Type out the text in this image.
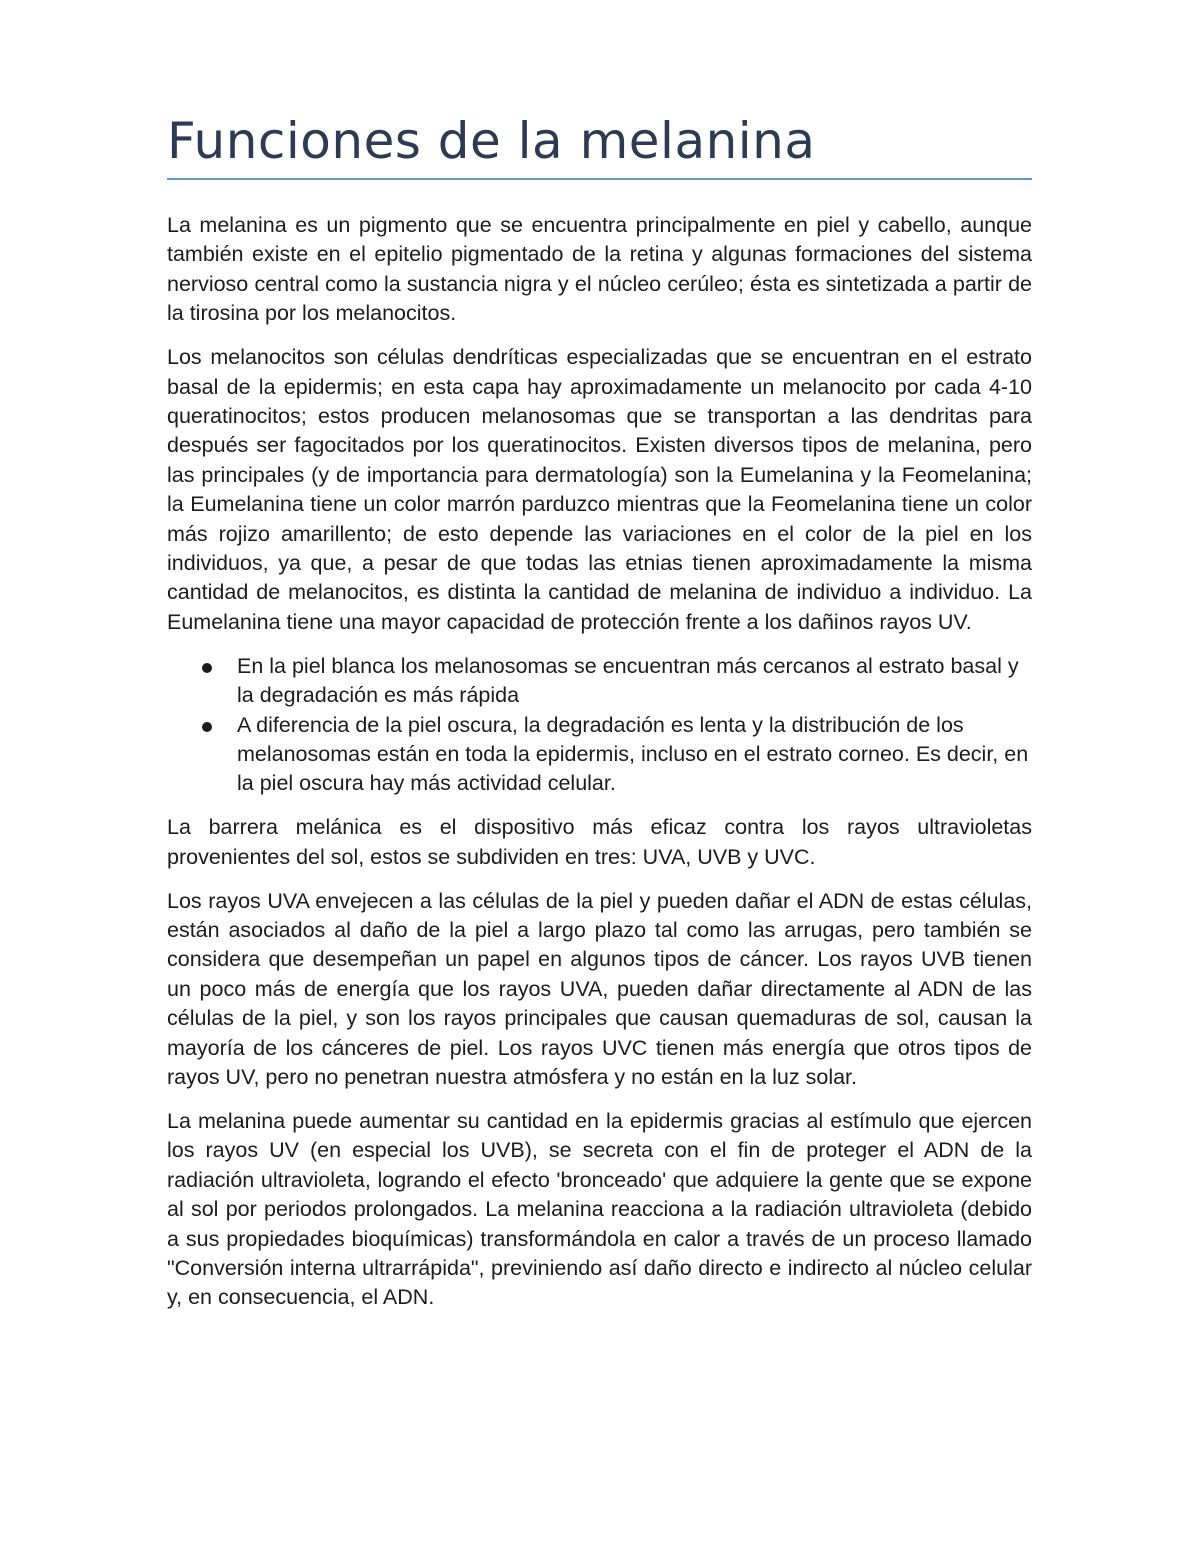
Funciones de la melanina

La melanina es un pigmento que se encuentra principalmente en piel y cabello, aunque también existe en el epitelio pigmentado de la retina y algunas formaciones del sistema nervioso central como la sustancia nigra y el núcleo cerúleo; ésta es sintetizada a partir de la tirosina por los melanocitos.

Los melanocitos son células dendríticas especializadas que se encuentran en el estrato basal de la epidermis; en esta capa hay aproximadamente un melanocito por cada 4-10 queratinocitos; estos producen melanosomas que se transportan a las dendritas para después ser fagocitados por los queratinocitos. Existen diversos tipos de melanina, pero las principales (y de importancia para dermatología) son la Eumelanina y la Feomelanina; la Eumelanina tiene un color marrón parduzco mientras que la Feomelanina tiene un color más rojizo amarillento; de esto depende las variaciones en el color de la piel en los individuos, ya que, a pesar de que todas las etnias tienen aproximadamente la misma cantidad de melanocitos, es distinta la cantidad de melanina de individuo a individuo. La Eumelanina tiene una mayor capacidad de protección frente a los dañinos rayos UV.

En la piel blanca los melanosomas se encuentran más cercanos al estrato basal y la degradación es más rápida
A diferencia de la piel oscura, la degradación es lenta y la distribución de los melanosomas están en toda la epidermis, incluso en el estrato corneo. Es decir, en la piel oscura hay más actividad celular.

La barrera melánica es el dispositivo más eficaz contra los rayos ultravioletas provenientes del sol, estos se subdividen en tres: UVA, UVB y UVC.

Los rayos UVA envejecen a las células de la piel y pueden dañar el ADN de estas células, están asociados al daño de la piel a largo plazo tal como las arrugas, pero también se considera que desempeñan un papel en algunos tipos de cáncer. Los rayos UVB tienen un poco más de energía que los rayos UVA, pueden dañar directamente al ADN de las células de la piel, y son los rayos principales que causan quemaduras de sol, causan la mayoría de los cánceres de piel. Los rayos UVC tienen más energía que otros tipos de rayos UV, pero no penetran nuestra atmósfera y no están en la luz solar.

La melanina puede aumentar su cantidad en la epidermis gracias al estímulo que ejercen los rayos UV (en especial los UVB), se secreta con el fin de proteger el ADN de la radiación ultravioleta, logrando el efecto 'bronceado' que adquiere la gente que se expone al sol por periodos prolongados. La melanina reacciona a la radiación ultravioleta (debido a sus propiedades bioquímicas) transformándola en calor a través de un proceso llamado "Conversión interna ultrarrápida", previniendo así daño directo e indirecto al núcleo celular y, en consecuencia, el ADN.
